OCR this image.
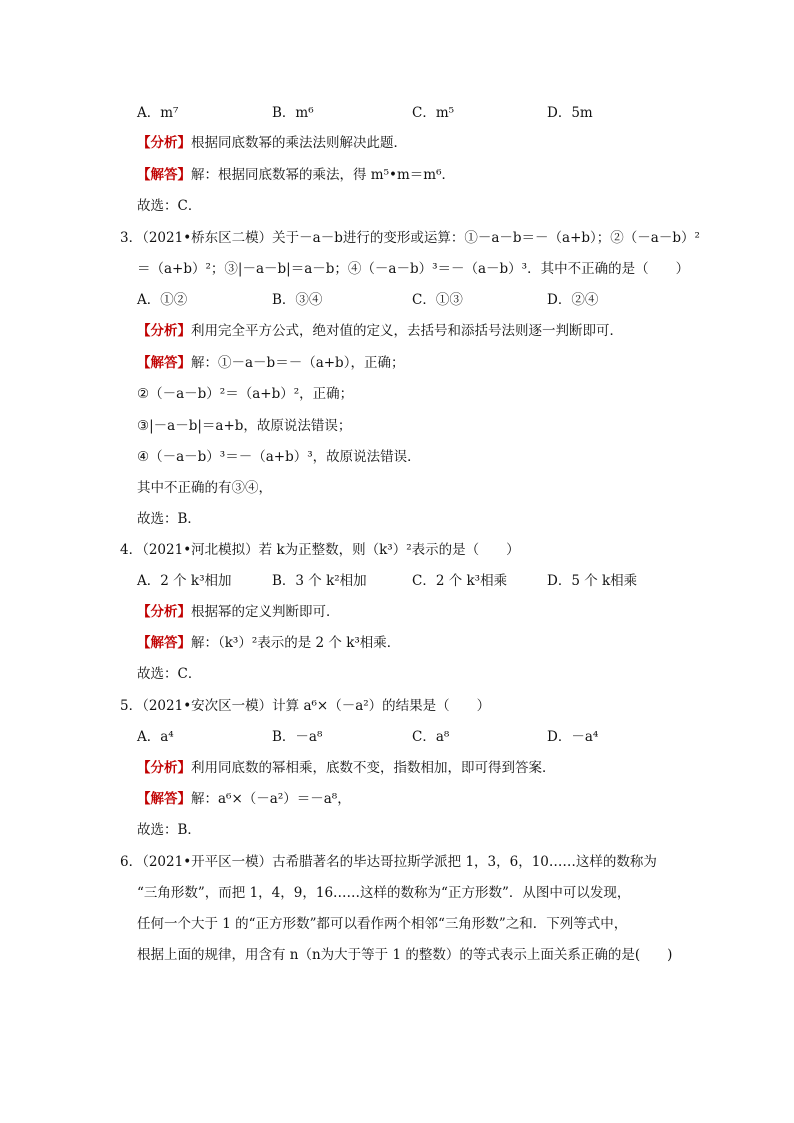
A．m⁷	B．m⁶	C．m⁵	D．5m
【分析】根据同底数幂的乘法法则解决此题．
【解答】解：根据同底数幂的乘法，得 m⁵•m＝m⁶．
故选：C．
3．（2021•桥东区二模）关于－a－b进行的变形或运算：①－a－b＝－（a+b）；②（－a－b）²
＝（a+b）²；③|－a－b|＝a－b；④（－a－b）³＝－（a－b）³．其中不正确的是（　　）
A．①②	B．③④	C．①③	D．②④
【分析】利用完全平方公式，绝对值的定义，去括号和添括号法则逐一判断即可．
【解答】解：①－a－b＝－（a+b），正确；
②（－a－b）²＝（a+b）²，正确；
③|－a－b|＝a+b，故原说法错误；
④（－a－b）³＝－（a+b）³，故原说法错误．
其中不正确的有③④，
故选：B．
4．（2021•河北模拟）若 k为正整数，则（k³）²表示的是（　　）
A．2 个 k³相加	B．3 个 k²相加	C．2 个 k³相乘	D．5 个 k相乘
【分析】根据幂的定义判断即可．
【解答】解：（k³）²表示的是 2 个 k³相乘．
故选：C．
5．（2021•安次区一模）计算 a⁶×（－a²）的结果是（　　）
A．a⁴	B．－a⁸	C．a⁸	D．－a⁴
【分析】利用同底数的幂相乘，底数不变，指数相加，即可得到答案．
【解答】解：a⁶×（－a²）＝－a⁸，
故选：B．
6．（2021•开平区一模）古希腊著名的毕达哥拉斯学派把 1，3，6，10……这样的数称为
“三角形数”，而把 1，4，9，16……这样的数称为“正方形数”．从图中可以发现，
任何一个大于 1 的“正方形数”都可以看作两个相邻“三角形数”之和．下列等式中，
根据上面的规律，用含有 n（n为大于等于 1 的整数）的等式表示上面关系正确的是(　　)
